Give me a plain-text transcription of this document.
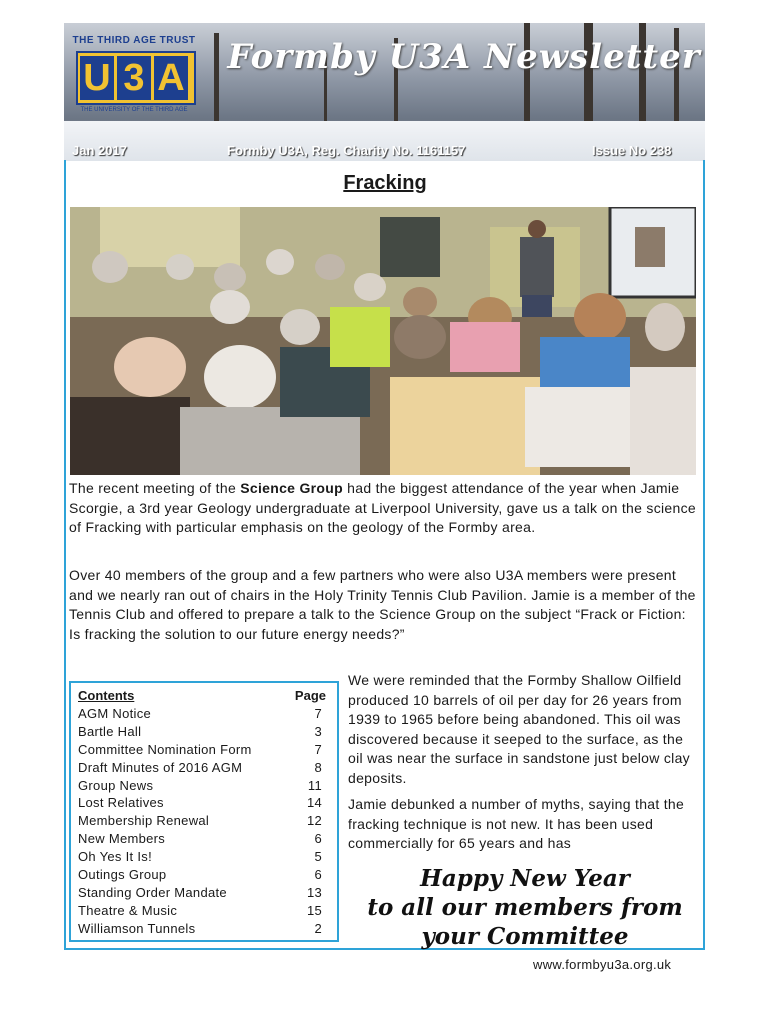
THE THIRD AGE TRUST
U 3 A
THE UNIVERSITY OF THE THIRD AGE
Formby U3A Newsletter
Jan 2017	Formby U3A, Reg. Charity No. 1161157	Issue No 238
Fracking

The recent meeting of the Science Group had the biggest attendance of the year when Jamie Scorgie, a 3rd year Geology undergraduate at Liverpool University, gave us a talk on the science of Fracking with particular emphasis on the geology of the Formby area.

Over 40 members of the group and a few partners who were also U3A members were present and we nearly ran out of chairs in the Holy Trinity Tennis Club Pavilion. Jamie is a member of the Tennis Club and offered to prepare a talk to the Science Group on the subject “Frack or Fiction: Is fracking the solution to our future energy needs?”

Contents	Page
AGM Notice	7
Bartle Hall	3
Committee Nomination Form	7
Draft Minutes of 2016 AGM	8
Group News	11
Lost Relatives	14
Membership Renewal	12
New Members	6
Oh Yes It Is!	5
Outings Group	6
Standing Order Mandate	13
Theatre & Music	15
Williamson Tunnels	2

We were reminded that the Formby Shallow Oilfield produced 10 barrels of oil per day for 26 years from 1939 to 1965 before being abandoned. This oil was discovered because it seeped to the surface, as the oil was near the surface in sandstone just below clay deposits.

Jamie debunked a number of myths, saying that the fracking technique is not new. It has been used commercially for 65 years and has

Happy New Year
to all our members from
your Committee
www.formbyu3a.org.uk
